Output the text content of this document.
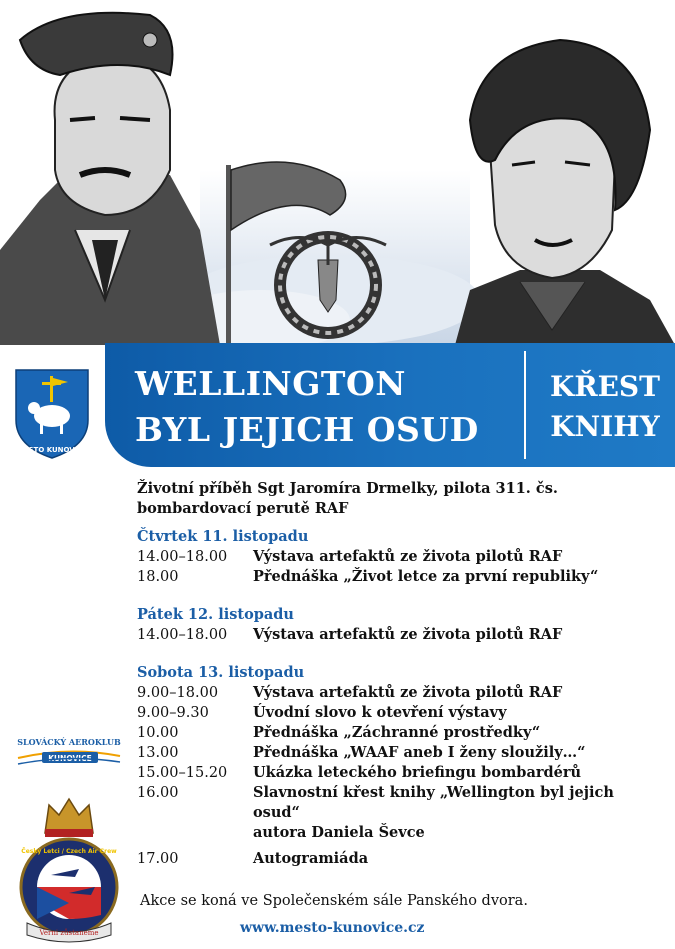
MĚSTO KUNOVICE
WELLINGTON
BYL JEJICH OSUD
KŘEST
KNIHY
Životní příběh Sgt Jaromíra Drmelky, pilota 311. čs. bombardovací perutě RAF
Čtvrtek 11. listopadu
14.00–18.00	Výstava artefaktů ze života pilotů RAF
18.00	Přednáška „Život letce za první republiky“
Pátek 12. listopadu
14.00–18.00	Výstava artefaktů ze života pilotů RAF
Sobota 13. listopadu
9.00–18.00	Výstava artefaktů ze života pilotů RAF
9.00–9.30	Úvodní slovo k otevření výstavy
10.00	Přednáška „Záchranné prostředky“
13.00	Přednáška „WAAF aneb I ženy sloužily…“
15.00–15.20	Ukázka leteckého briefingu bombardérů
16.00	Slavnostní křest knihy „Wellington byl jejich osud“
autora Daniela Ševce
17.00	Autogramiáda
SLOVÁCKÝ AEROKLUB
KUNOVICE
Český Letci / Czech Air Crew
Věrni zůstaneme
Akce se koná ve Společenském sále Panského dvora.
www.mesto-kunovice.cz
